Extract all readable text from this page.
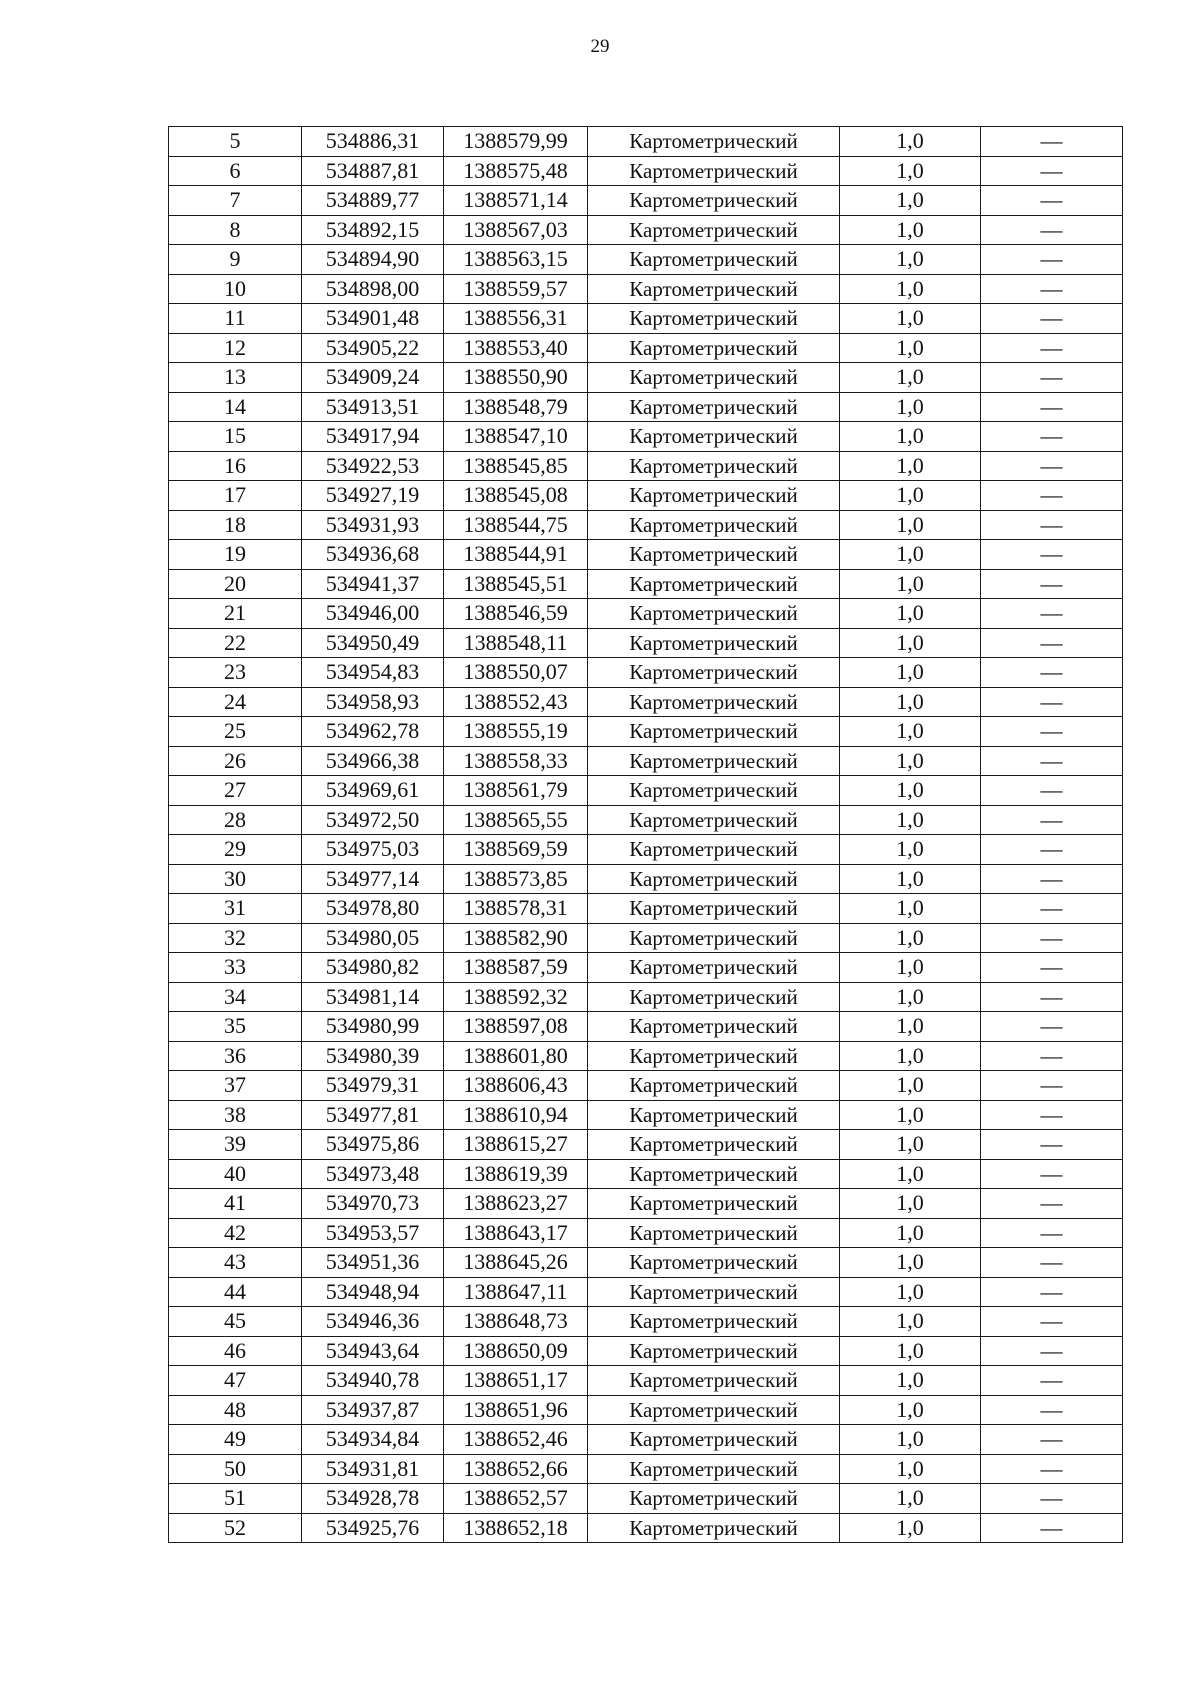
29
5	534886,31	1388579,99	Картометрический	1,0	—
6	534887,81	1388575,48	Картометрический	1,0	—
7	534889,77	1388571,14	Картометрический	1,0	—
8	534892,15	1388567,03	Картометрический	1,0	—
9	534894,90	1388563,15	Картометрический	1,0	—
10	534898,00	1388559,57	Картометрический	1,0	—
11	534901,48	1388556,31	Картометрический	1,0	—
12	534905,22	1388553,40	Картометрический	1,0	—
13	534909,24	1388550,90	Картометрический	1,0	—
14	534913,51	1388548,79	Картометрический	1,0	—
15	534917,94	1388547,10	Картометрический	1,0	—
16	534922,53	1388545,85	Картометрический	1,0	—
17	534927,19	1388545,08	Картометрический	1,0	—
18	534931,93	1388544,75	Картометрический	1,0	—
19	534936,68	1388544,91	Картометрический	1,0	—
20	534941,37	1388545,51	Картометрический	1,0	—
21	534946,00	1388546,59	Картометрический	1,0	—
22	534950,49	1388548,11	Картометрический	1,0	—
23	534954,83	1388550,07	Картометрический	1,0	—
24	534958,93	1388552,43	Картометрический	1,0	—
25	534962,78	1388555,19	Картометрический	1,0	—
26	534966,38	1388558,33	Картометрический	1,0	—
27	534969,61	1388561,79	Картометрический	1,0	—
28	534972,50	1388565,55	Картометрический	1,0	—
29	534975,03	1388569,59	Картометрический	1,0	—
30	534977,14	1388573,85	Картометрический	1,0	—
31	534978,80	1388578,31	Картометрический	1,0	—
32	534980,05	1388582,90	Картометрический	1,0	—
33	534980,82	1388587,59	Картометрический	1,0	—
34	534981,14	1388592,32	Картометрический	1,0	—
35	534980,99	1388597,08	Картометрический	1,0	—
36	534980,39	1388601,80	Картометрический	1,0	—
37	534979,31	1388606,43	Картометрический	1,0	—
38	534977,81	1388610,94	Картометрический	1,0	—
39	534975,86	1388615,27	Картометрический	1,0	—
40	534973,48	1388619,39	Картометрический	1,0	—
41	534970,73	1388623,27	Картометрический	1,0	—
42	534953,57	1388643,17	Картометрический	1,0	—
43	534951,36	1388645,26	Картометрический	1,0	—
44	534948,94	1388647,11	Картометрический	1,0	—
45	534946,36	1388648,73	Картометрический	1,0	—
46	534943,64	1388650,09	Картометрический	1,0	—
47	534940,78	1388651,17	Картометрический	1,0	—
48	534937,87	1388651,96	Картометрический	1,0	—
49	534934,84	1388652,46	Картометрический	1,0	—
50	534931,81	1388652,66	Картометрический	1,0	—
51	534928,78	1388652,57	Картометрический	1,0	—
52	534925,76	1388652,18	Картометрический	1,0	—
